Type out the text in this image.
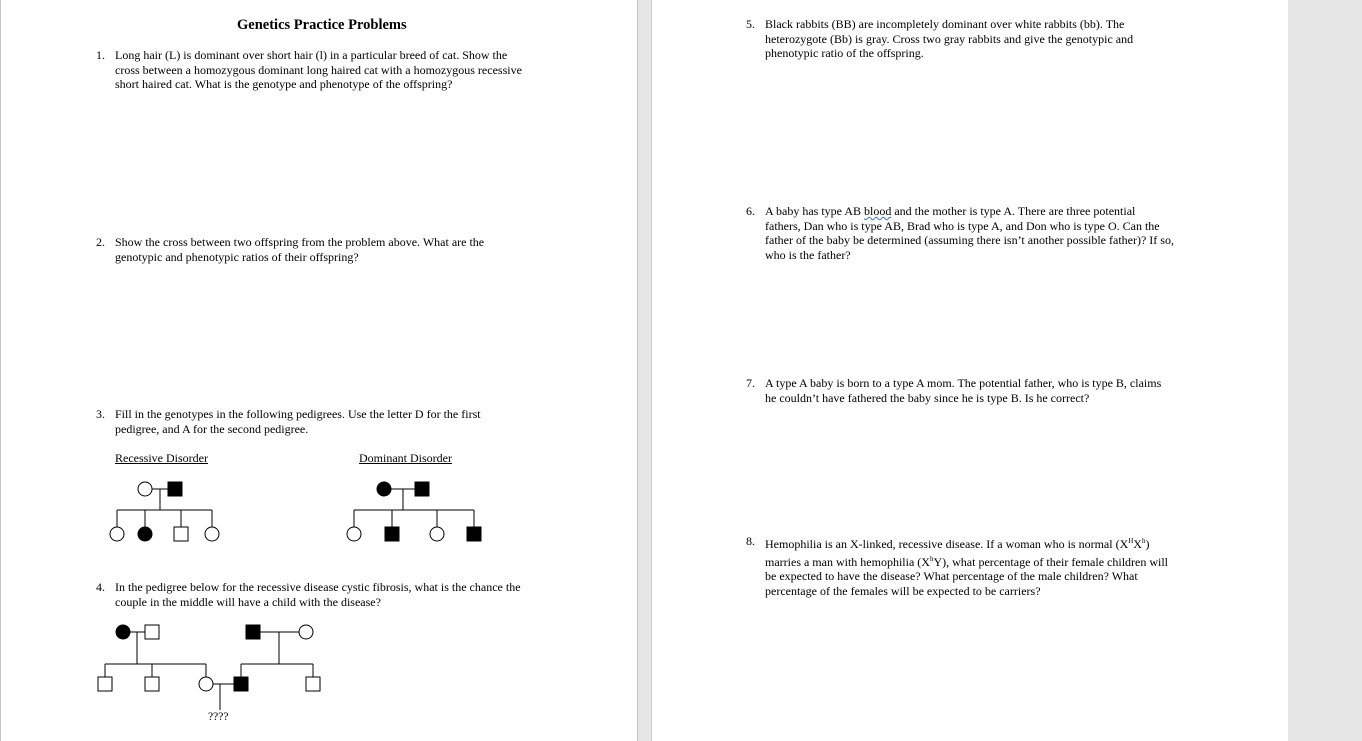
Genetics Practice Problems
1. Long hair (L) is dominant over short hair (l) in a particular breed of cat. Show the
cross between a homozygous dominant long haired cat with a homozygous recessive
short haired cat. What is the genotype and phenotype of the offspring?
2. Show the cross between two offspring from the problem above. What are the
genotypic and phenotypic ratios of their offspring?
3. Fill in the genotypes in the following pedigrees. Use the letter D for the first
pedigree, and A for the second pedigree.
Recessive Disorder	Dominant Disorder
4. In the pedigree below for the recessive disease cystic fibrosis, what is the chance the
couple in the middle will have a child with the disease?
????
5. Black rabbits (BB) are incompletely dominant over white rabbits (bb). The
heterozygote (Bb) is gray. Cross two gray rabbits and give the genotypic and
phenotypic ratio of the offspring.
6. A baby has type AB blood and the mother is type A. There are three potential
fathers, Dan who is type AB, Brad who is type A, and Don who is type O. Can the
father of the baby be determined (assuming there isn’t another possible father)? If so,
who is the father?
7. A type A baby is born to a type A mom. The potential father, who is type B, claims
he couldn’t have fathered the baby since he is type B. Is he correct?
8. Hemophilia is an X-linked, recessive disease. If a woman who is normal $(X^HX^h)$
marries a man with hemophilia $(X^hY)$, what percentage of their female children will
be expected to have the disease? What percentage of the male children? What
percentage of the females will be expected to be carriers?
